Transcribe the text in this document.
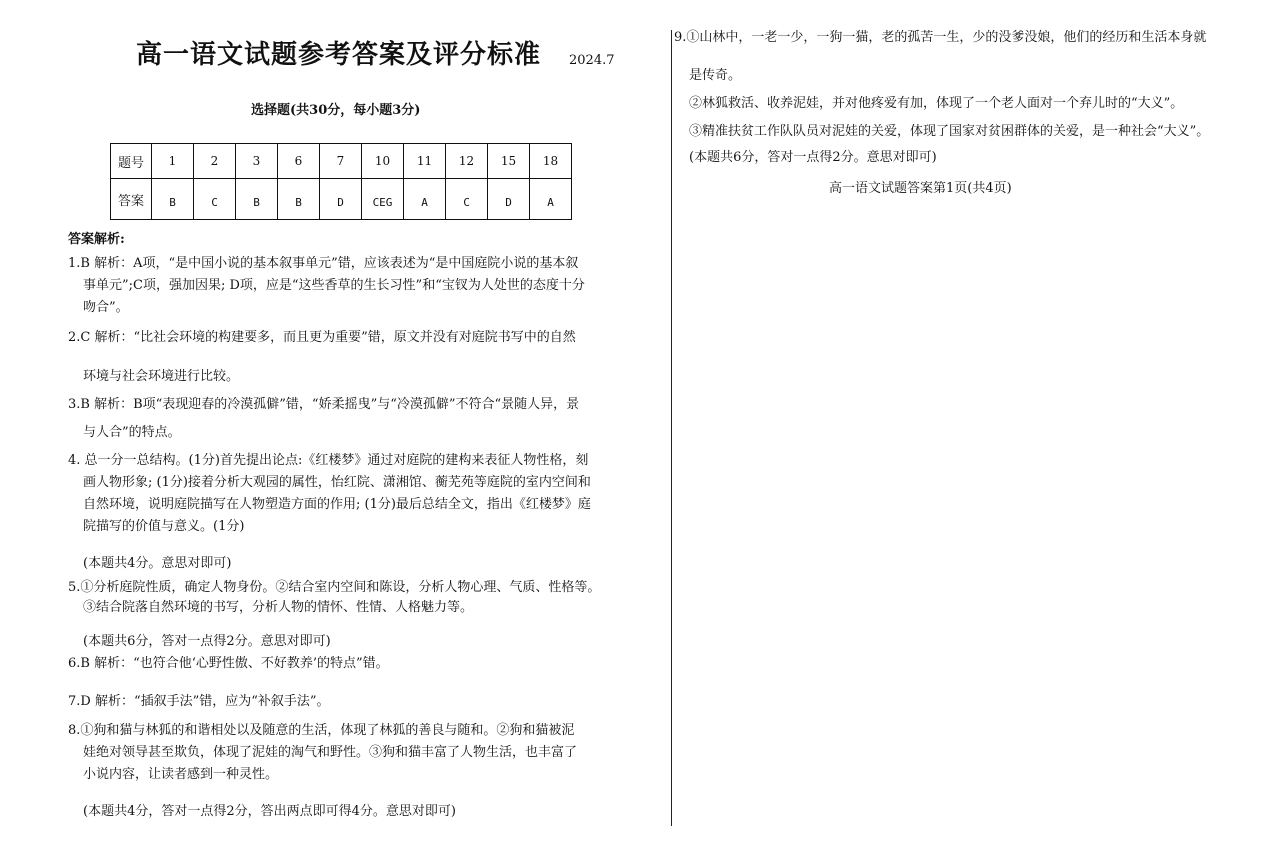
高一语文试题参考答案及评分标准 2024.7
选择题(共30分，每小题3分)
题号	1	2	3	6	7	10	11	12	15	18
答案	B	C	B	B	D	CEG	A	C	D	A
答案解析:
1.B 解析：A项，“是中国小说的基本叙事单元”错，应该表述为“是中国庭院小说的基本叙
事单元”;C项，强加因果; D项，应是“这些香草的生长习性”和“宝钗为人处世的态度十分
吻合”。
2.C 解析：“比社会环境的构建要多，而且更为重要”错，原文并没有对庭院书写中的自然
环境与社会环境进行比较。
3.B 解析：B项“表现迎春的冷漠孤僻”错，“娇柔摇曳”与“冷漠孤僻”不符合“景随人异，景
与人合”的特点。
4. 总一分一总结构。(1分)首先提出论点:《红楼梦》通过对庭院的建构来表征人物性格，刻
画人物形象; (1分)接着分析大观园的属性，怡红院、潇湘馆、蘅芜苑等庭院的室内空间和
自然环境，说明庭院描写在人物塑造方面的作用; (1分)最后总结全文，指出《红楼梦》庭
院描写的价值与意义。(1分)
(本题共4分。意思对即可)
5.①分析庭院性质，确定人物身份。②结合室内空间和陈设，分析人物心理、气质、性格等。
③结合院落自然环境的书写，分析人物的情怀、性情、人格魅力等。
(本题共6分，答对一点得2分。意思对即可)
6.B 解析：“也符合他‘心野性傲、不好教养’的特点”错。
7.D 解析：“插叙手法”错，应为“补叙手法”。
8.①狗和猫与林狐的和谐相处以及随意的生活，体现了林狐的善良与随和。②狗和猫被泥
娃绝对领导甚至欺负，体现了泥娃的淘气和野性。③狗和猫丰富了人物生活，也丰富了
小说内容，让读者感到一种灵性。
(本题共4分，答对一点得2分，答出两点即可得4分。意思对即可)
9.①山林中，一老一少，一狗一猫，老的孤苦一生，少的没爹没娘，他们的经历和生活本身就
是传奇。
②林狐救活、收养泥娃，并对他疼爱有加，体现了一个老人面对一个弃儿时的“大义”。
③精准扶贫工作队队员对泥娃的关爱，体现了国家对贫困群体的关爱，是一种社会“大义”。
(本题共6分，答对一点得2分。意思对即可)
高一语文试题答案第1页(共4页)
